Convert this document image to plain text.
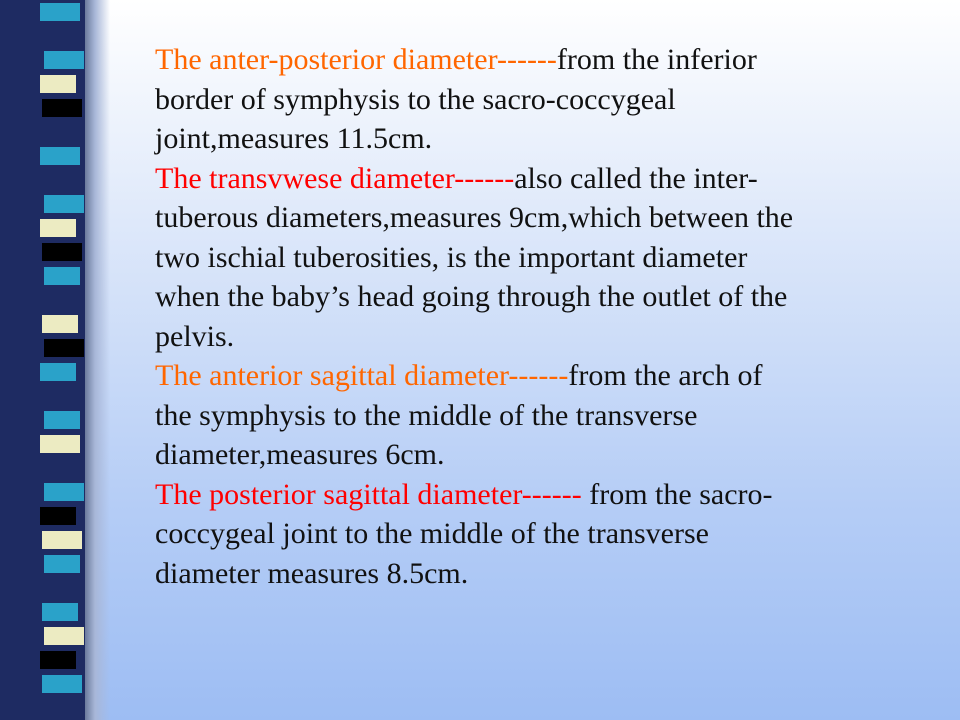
The anter-posterior diameter------from the inferior
border of symphysis to the sacro-coccygeal
joint,measures 11.5cm.

The transvwese diameter------also called the inter-
tuberous diameters,measures 9cm,which between the
two ischial tuberosities, is the important diameter
when the baby’s head going through the outlet of the
pelvis.

The anterior sagittal diameter------from the arch of
the symphysis to the middle of the transverse
diameter,measures 6cm.

The posterior sagittal diameter------ from the sacro-
coccygeal joint to the middle of the transverse
diameter measures 8.5cm.
